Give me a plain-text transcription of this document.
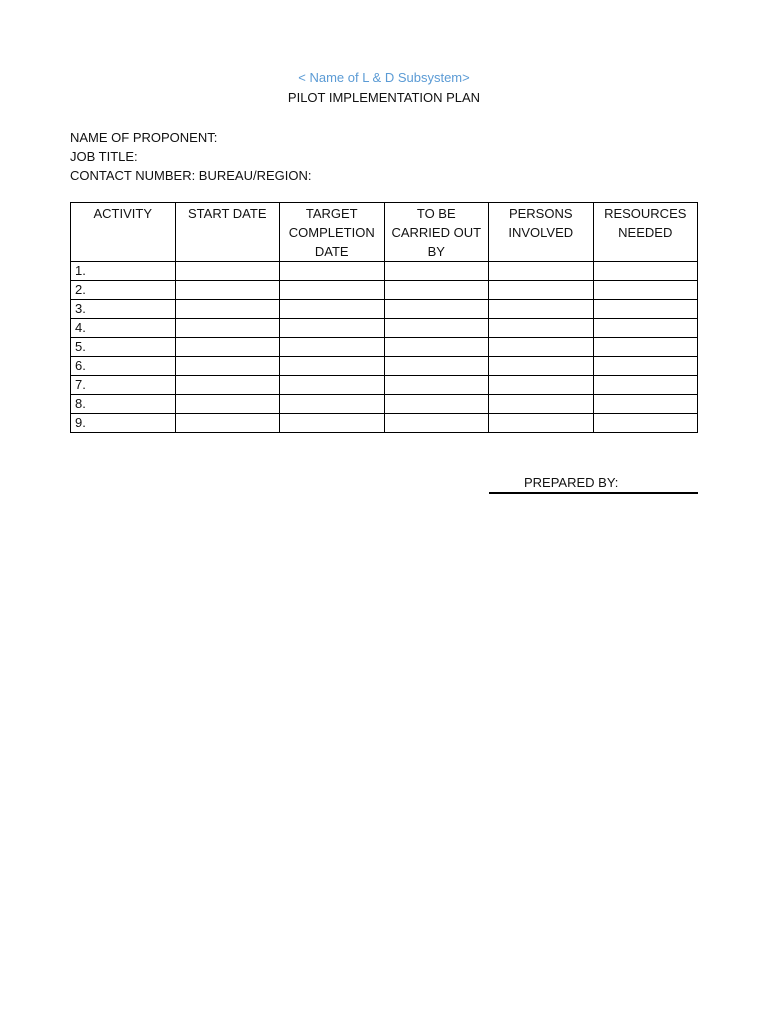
< Name of L & D Subsystem>
PILOT IMPLEMENTATION PLAN
NAME OF PROPONENT:
JOB TITLE:
CONTACT NUMBER: BUREAU/REGION:
ACTIVITY	START DATE	TARGET COMPLETION DATE	TO BE CARRIED OUT BY	PERSONS INVOLVED	RESOURCES NEEDED
1.					
2.					
3.					
4.					
5.					
6.					
7.					
8.					
9.					
PREPARED BY:
